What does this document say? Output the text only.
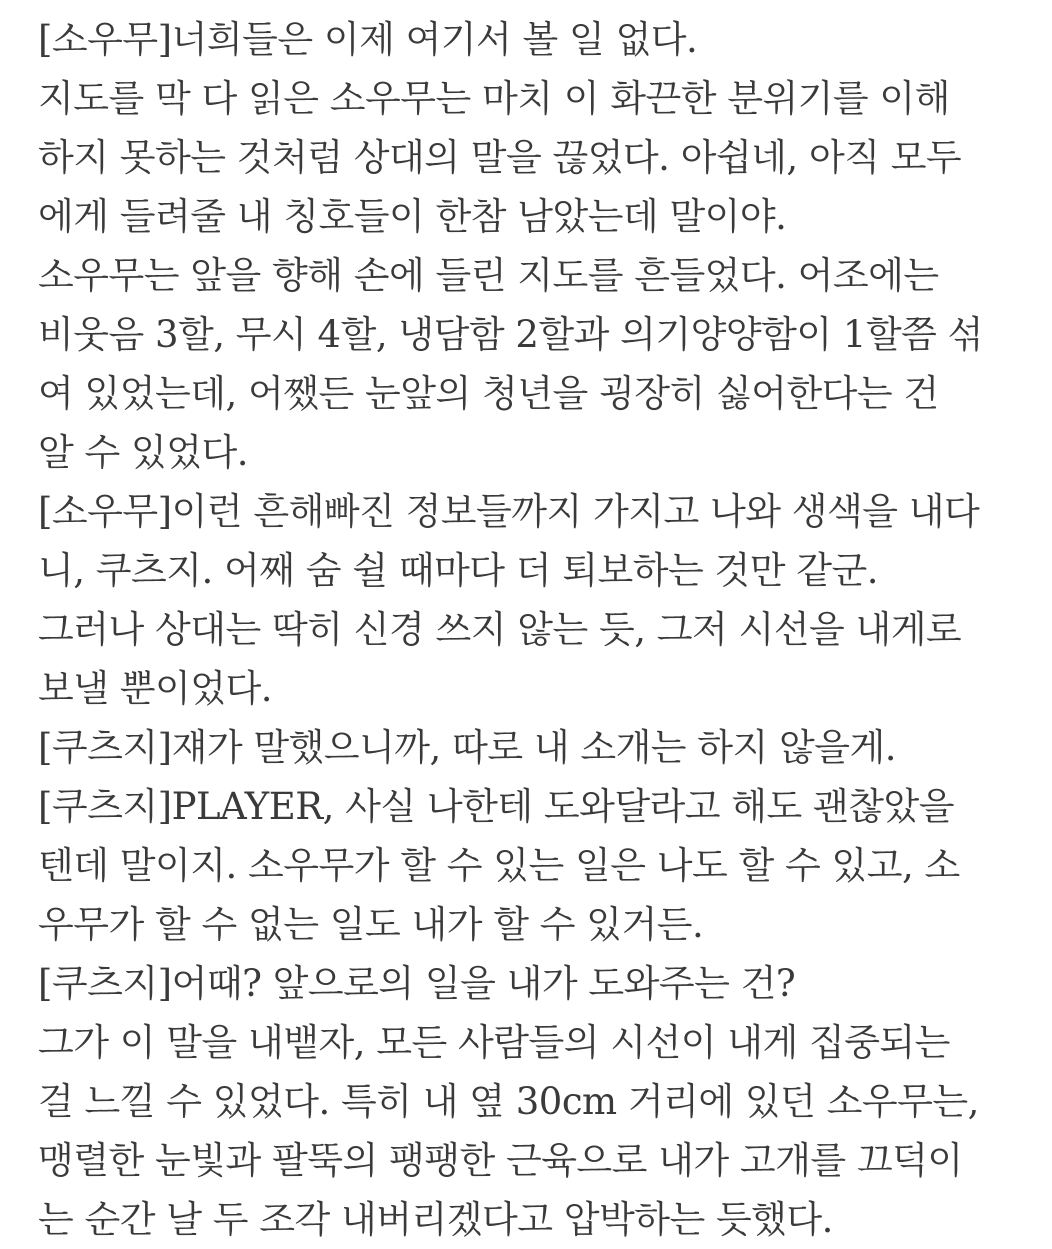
[소우무]너희들은 이제 여기서 볼 일 없다.
지도를 막 다 읽은 소우무는 마치 이 화끈한 분위기를 이해
하지 못하는 것처럼 상대의 말을 끊었다. 아쉽네, 아직 모두
에게 들려줄 내 칭호들이 한참 남았는데 말이야.
소우무는 앞을 향해 손에 들린 지도를 흔들었다. 어조에는
비웃음 3할, 무시 4할, 냉담함 2할과 의기양양함이 1할쯤 섞
여 있었는데, 어쨌든 눈앞의 청년을 굉장히 싫어한다는 건
알 수 있었다.
[소우무]이런 흔해빠진 정보들까지 가지고 나와 생색을 내다
니, 쿠츠지. 어째 숨 쉴 때마다 더 퇴보하는 것만 같군.
그러나 상대는 딱히 신경 쓰지 않는 듯, 그저 시선을 내게로
보낼 뿐이었다.
[쿠츠지]쟤가 말했으니까, 따로 내 소개는 하지 않을게.
[쿠츠지]PLAYER, 사실 나한테 도와달라고 해도 괜찮았을
텐데 말이지. 소우무가 할 수 있는 일은 나도 할 수 있고, 소
우무가 할 수 없는 일도 내가 할 수 있거든.
[쿠츠지]어때? 앞으로의 일을 내가 도와주는 건?
그가 이 말을 내뱉자, 모든 사람들의 시선이 내게 집중되는
걸 느낄 수 있었다. 특히 내 옆 30cm 거리에 있던 소우무는,
맹렬한 눈빛과 팔뚝의 팽팽한 근육으로 내가 고개를 끄덕이
는 순간 날 두 조각 내버리겠다고 압박하는 듯했다.
